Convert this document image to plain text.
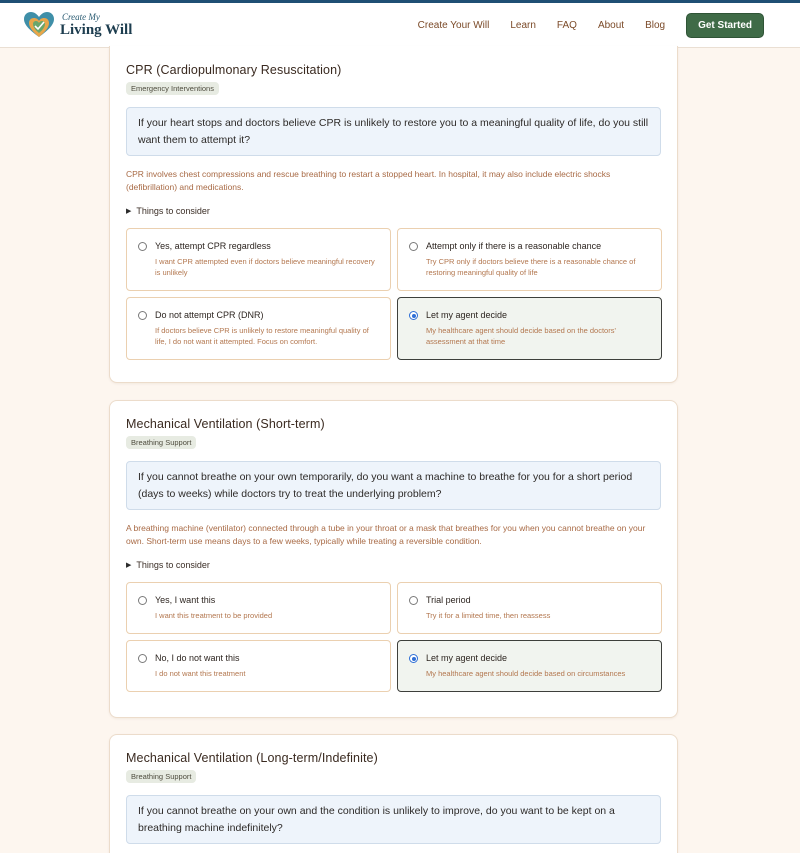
Create My
Living Will	Create Your Will Learn FAQ About Blog	Get Started
CPR (Cardiopulmonary Resuscitation)
Emergency Interventions
If your heart stops and doctors believe CPR is unlikely to restore you to a meaningful quality of life, do you still want them to attempt it?
CPR involves chest compressions and rescue breathing to restart a stopped heart. In hospital, it may also include electric shocks (defibrillation) and medications.
▶ Things to consider
Yes, attempt CPR regardless
I want CPR attempted even if doctors believe meaningful recovery is unlikely
Attempt only if there is a reasonable chance
Try CPR only if doctors believe there is a reasonable chance of restoring meaningful quality of life
Do not attempt CPR (DNR)
If doctors believe CPR is unlikely to restore meaningful quality of life, I do not want it attempted. Focus on comfort.
Let my agent decide
My healthcare agent should decide based on the doctors' assessment at that time
Mechanical Ventilation (Short-term)
Breathing Support
If you cannot breathe on your own temporarily, do you want a machine to breathe for you for a short period (days to weeks) while doctors try to treat the underlying problem?
A breathing machine (ventilator) connected through a tube in your throat or a mask that breathes for you when you cannot breathe on your own. Short-term use means days to a few weeks, typically while treating a reversible condition.
▶ Things to consider
Yes, I want this
I want this treatment to be provided
Trial period
Try it for a limited time, then reassess
No, I do not want this
I do not want this treatment
Let my agent decide
My healthcare agent should decide based on circumstances
Mechanical Ventilation (Long-term/Indefinite)
Breathing Support
If you cannot breathe on your own and the condition is unlikely to improve, do you want to be kept on a breathing machine indefinitely?
